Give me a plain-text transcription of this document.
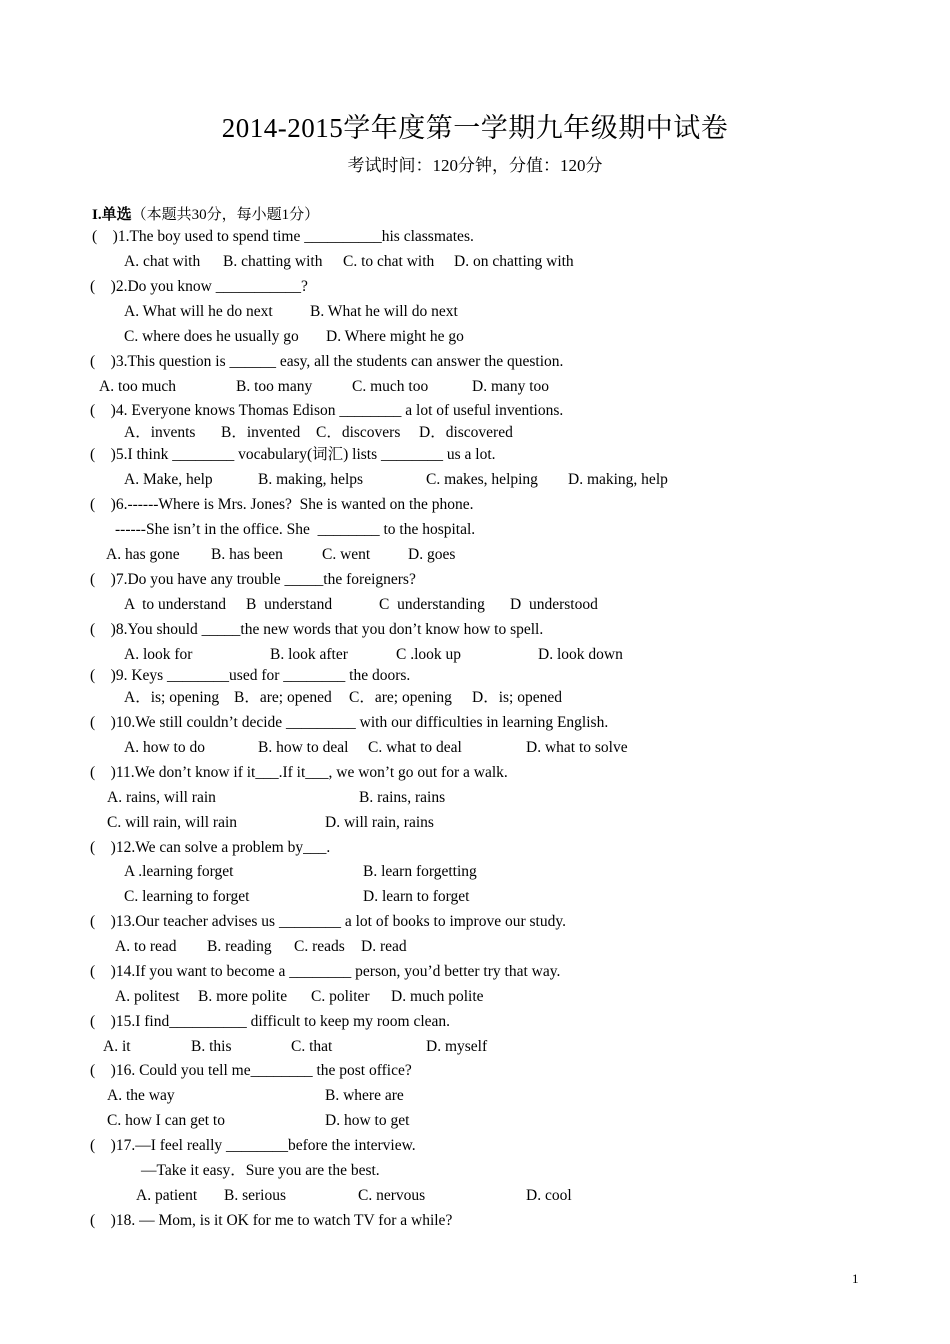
2014-2015学年度第一学期九年级期中试卷
考试时间：120分钟，分值：120分
I.单选（本题共30分，每小题1分）
(    )1.The boy used to spend time __________his classmates.
A. chat with B. chatting with C. to chat with D. on chatting with
(    )2.Do you know ___________?
A. What will he do next B. What he will do next
C. where does he usually go D. Where might he go
(    )3.This question is ______ easy, all the students can answer the question.
A. too much	B. too many	C. much too	D. many too
(    )4. Everyone knows Thomas Edison ________ a lot of useful inventions.
A．invents B．invented C．discovers D．discovered
(    )5.I think ________ vocabulary(词汇) lists ________ us a lot.
A. Make, help	B. making, helps	C. makes, helping D. making, help
(    )6.------Where is Mrs. Jones?  She is wanted on the phone.
------She isn’t in the office. She  ________ to the hospital.
A. has gone B. has been	C. went D. goes
(    )7.Do you have any trouble _____the foreigners?
A  to understand B  understand	C  understanding D  understood
(    )8.You should _____the new words that you don’t know how to spell.
A. look for	B. look after	C .look up	D. look down
(    )9. Keys ________used for ________ the doors.
A．is; opening B．are; opened C．are; opening D．is; opened
(    )10.We still couldn’t decide _________ with our difficulties in learning English.
A. how to do	B. how to deal C. what to deal	D. what to solve
(    )11.We don’t know if it___.If it___, we won’t go out for a walk.
A. rains, will rain	B. rains, rains
C. will rain, will rain	D. will rain, rains
(    )12.We can solve a problem by___.
A .learning forget	B. learn forgetting
C. learning to forget	D. learn to forget
(    )13.Our teacher advises us ________ a lot of books to improve our study.
A. to read B. reading C. reads D. read
(    )14.If you want to become a ________ person, you’d better try that way.
A. politest B. more polite C. politer D. much polite
(    )15.I find__________ difficult to keep my room clean.
A. it	B. this	C. that	D. myself
(    )16. Could you tell me________ the post office?
A. the way	B. where are
C. how I can get to	D. how to get
(    )17.—I feel really ________before the interview.
—Take it easy．Sure you are the best.
A. patient B. serious	C. nervous	D. cool
(    )18. — Mom, is it OK for me to watch TV for a while?
1
